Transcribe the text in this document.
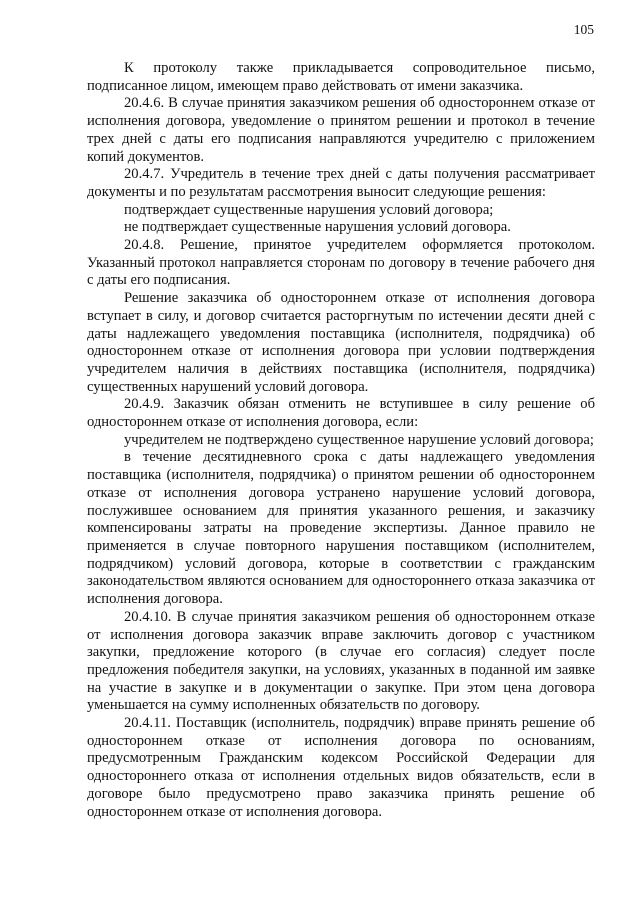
105

К протоколу также прикладывается сопроводительное письмо, подписанное лицом, имеющем право действовать от имени заказчика.

20.4.6. В случае принятия заказчиком решения об одностороннем отказе от исполнения договора, уведомление о принятом решении и протокол в течение трех дней с даты его подписания направляются учредителю с приложением копий документов.

20.4.7. Учредитель в течение трех дней с даты получения рассматривает документы и по результатам рассмотрения выносит следующие решения:

подтверждает существенные нарушения условий договора;

не подтверждает существенные нарушения условий договора.

20.4.8. Решение, принятое учредителем оформляется протоколом. Указанный протокол направляется сторонам по договору в течение рабочего дня с даты его подписания.

Решение заказчика об одностороннем отказе от исполнения договора вступает в силу, и договор считается расторгнутым по истечении десяти дней с даты надлежащего уведомления поставщика (исполнителя, подрядчика) об одностороннем отказе от исполнения договора при условии подтверждения учредителем наличия в действиях поставщика (исполнителя, подрядчика) существенных нарушений условий договора.

20.4.9. Заказчик обязан отменить не вступившее в силу решение об одностороннем отказе от исполнения договора, если:

учредителем не подтверждено существенное нарушение условий договора;

в течение десятидневного срока с даты надлежащего уведомления поставщика (исполнителя, подрядчика) о принятом решении об одностороннем отказе от исполнения договора устранено нарушение условий договора, послужившее основанием для принятия указанного решения, и заказчику компенсированы затраты на проведение экспертизы. Данное правило не применяется в случае повторного нарушения поставщиком (исполнителем, подрядчиком) условий договора, которые в соответствии с гражданским законодательством являются основанием для одностороннего отказа заказчика от исполнения договора.

20.4.10. В случае принятия заказчиком решения об одностороннем отказе от исполнения договора заказчик вправе заключить договор с участником закупки, предложение которого (в случае его согласия) следует после предложения победителя закупки, на условиях, указанных в поданной им заявке на участие в закупке и в документации о закупке. При этом цена договора уменьшается на сумму исполненных обязательств по договору.

20.4.11. Поставщик (исполнитель, подрядчик) вправе принять решение об одностороннем отказе от исполнения договора по основаниям, предусмотренным Гражданским кодексом Российской Федерации для одностороннего отказа от исполнения отдельных видов обязательств, если в договоре было предусмотрено право заказчика принять решение об одностороннем отказе от исполнения договора.
